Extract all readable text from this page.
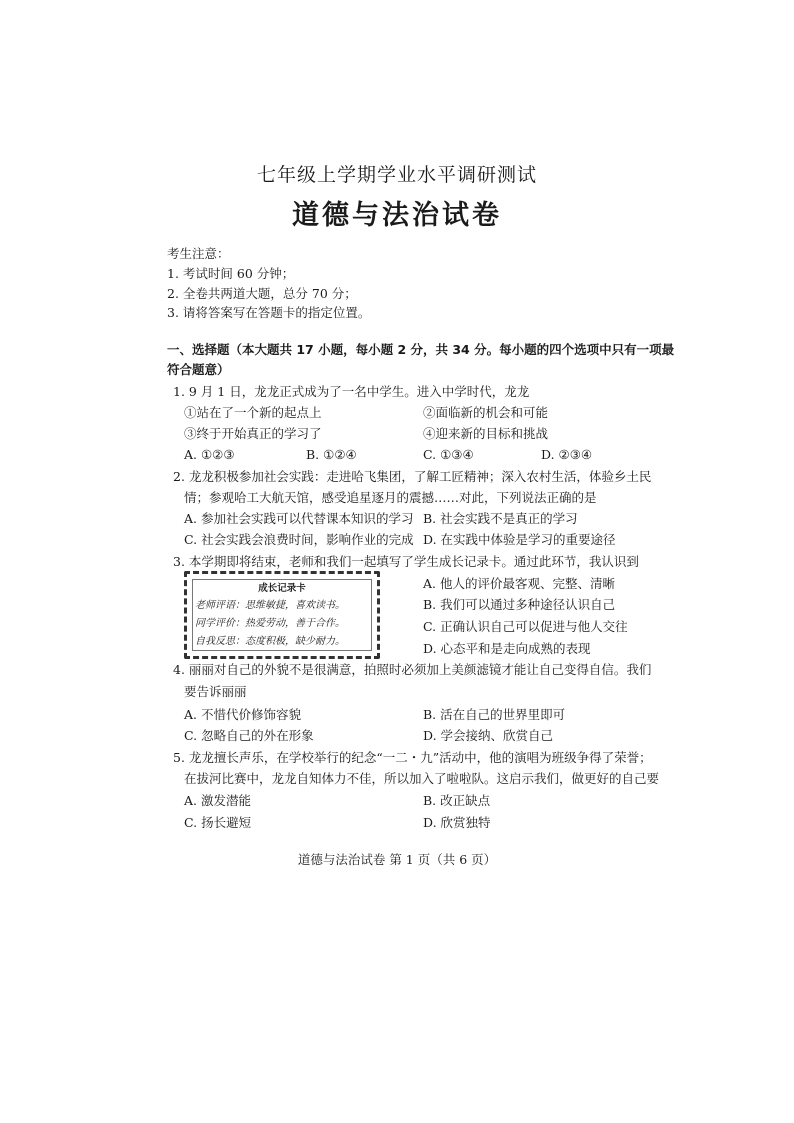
七年级上学期学业水平调研测试
道德与法治试卷
考生注意：
1. 考试时间 60 分钟；
2. 全卷共两道大题，总分 70 分；
3. 请将答案写在答题卡的指定位置。
一、选择题（本大题共 17 小题，每小题 2 分，共 34 分。每小题的四个选项中只有一项最
符合题意）
1. 9 月 1 日，龙龙正式成为了一名中学生。进入中学时代，龙龙
①站在了一个新的起点上	②面临新的机会和可能
③终于开始真正的学习了	④迎来新的目标和挑战
A. ①②③	B. ①②④	C. ①③④	D. ②③④
2. 龙龙积极参加社会实践：走进哈飞集团，了解工匠精神；深入农村生活，体验乡土民
情；参观哈工大航天馆，感受追星逐月的震撼……对此，下列说法正确的是
A. 参加社会实践可以代替课本知识的学习 B. 社会实践不是真正的学习
C. 社会实践会浪费时间，影响作业的完成 D. 在实践中体验是学习的重要途径
3. 本学期即将结束，老师和我们一起填写了学生成长记录卡。通过此环节，我认识到
成长记录卡
老师评语：思维敏捷，喜欢读书。
同学评价：热爱劳动，善于合作。
自我反思：态度积极，缺少耐力。
A. 他人的评价最客观、完整、清晰
B. 我们可以通过多种途径认识自己
C. 正确认识自己可以促进与他人交往
D. 心态平和是走向成熟的表现
4. 丽丽对自己的外貌不是很满意，拍照时必须加上美颜滤镜才能让自己变得自信。我们
要告诉丽丽
A. 不惜代价修饰容貌	B. 活在自己的世界里即可
C. 忽略自己的外在形象	D. 学会接纳、欣赏自己
5. 龙龙擅长声乐，在学校举行的纪念“一二・九”活动中，他的演唱为班级争得了荣誉；
在拔河比赛中，龙龙自知体力不佳，所以加入了啦啦队。这启示我们，做更好的自己要
A. 激发潜能	B. 改正缺点
C. 扬长避短	D. 欣赏独特
道德与法治试卷 第 1 页（共 6 页）
